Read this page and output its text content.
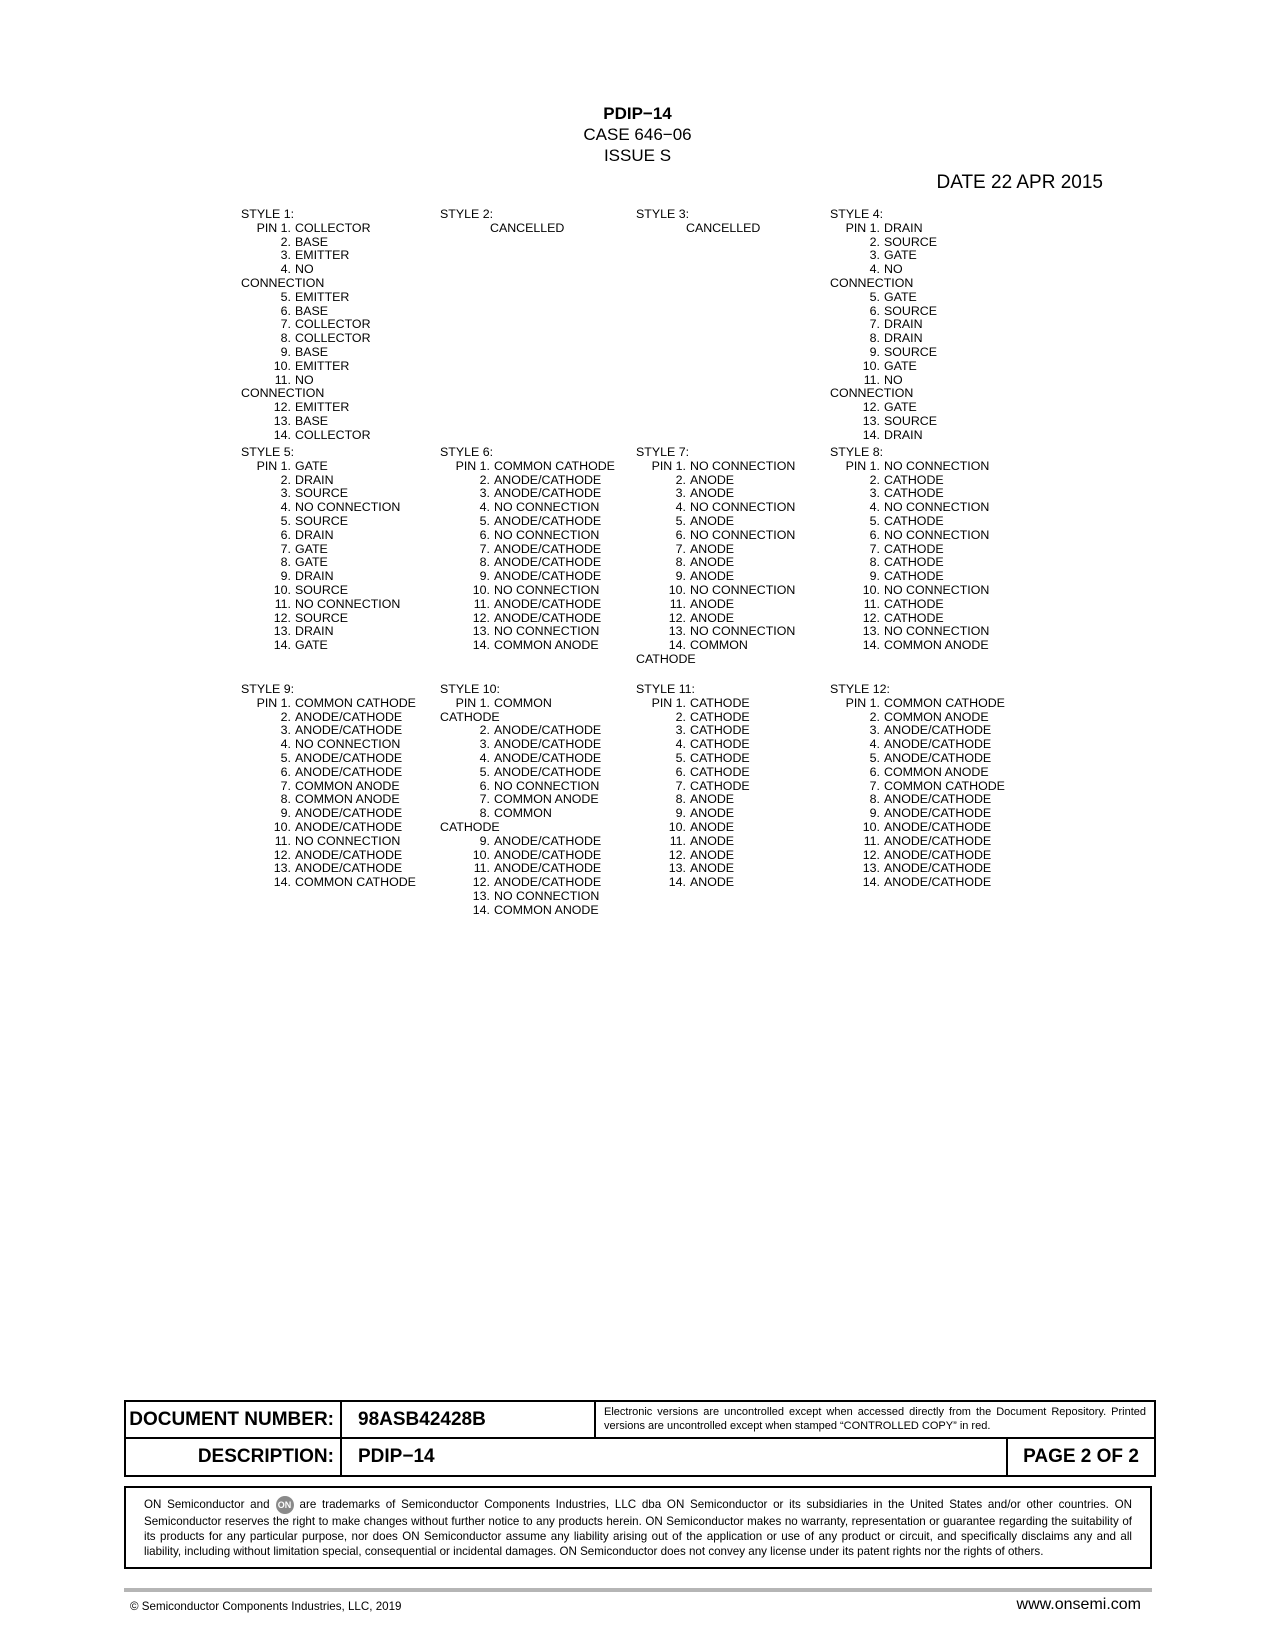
PDIP−14
CASE 646−06
ISSUE S
DATE 22 APR 2015
STYLE 1:
PIN 1. COLLECTOR
2. BASE
3. EMITTER
4. NO
CONNECTION
5. EMITTER
6. BASE
7. COLLECTOR
8. COLLECTOR
9. BASE
10. EMITTER
11. NO
CONNECTION
12. EMITTER
13. BASE
14. COLLECTOR
STYLE 2:
CANCELLED
STYLE 3:
CANCELLED
STYLE 4:
PIN 1. DRAIN
2. SOURCE
3. GATE
4. NO
CONNECTION
5. GATE
6. SOURCE
7. DRAIN
8. DRAIN
9. SOURCE
10. GATE
11. NO
CONNECTION
12. GATE
13. SOURCE
14. DRAIN
STYLE 5:
PIN 1. GATE
2. DRAIN
3. SOURCE
4. NO CONNECTION
5. SOURCE
6. DRAIN
7. GATE
8. GATE
9. DRAIN
10. SOURCE
11. NO CONNECTION
12. SOURCE
13. DRAIN
14. GATE
STYLE 6:
PIN 1. COMMON CATHODE
2. ANODE/CATHODE
3. ANODE/CATHODE
4. NO CONNECTION
5. ANODE/CATHODE
6. NO CONNECTION
7. ANODE/CATHODE
8. ANODE/CATHODE
9. ANODE/CATHODE
10. NO CONNECTION
11. ANODE/CATHODE
12. ANODE/CATHODE
13. NO CONNECTION
14. COMMON ANODE
STYLE 7:
PIN 1. NO CONNECTION
2. ANODE
3. ANODE
4. NO CONNECTION
5. ANODE
6. NO CONNECTION
7. ANODE
8. ANODE
9. ANODE
10. NO CONNECTION
11. ANODE
12. ANODE
13. NO CONNECTION
14. COMMON
CATHODE
STYLE 8:
PIN 1. NO CONNECTION
2. CATHODE
3. CATHODE
4. NO CONNECTION
5. CATHODE
6. NO CONNECTION
7. CATHODE
8. CATHODE
9. CATHODE
10. NO CONNECTION
11. CATHODE
12. CATHODE
13. NO CONNECTION
14. COMMON ANODE
STYLE 9:
PIN 1. COMMON CATHODE
2. ANODE/CATHODE
3. ANODE/CATHODE
4. NO CONNECTION
5. ANODE/CATHODE
6. ANODE/CATHODE
7. COMMON ANODE
8. COMMON ANODE
9. ANODE/CATHODE
10. ANODE/CATHODE
11. NO CONNECTION
12. ANODE/CATHODE
13. ANODE/CATHODE
14. COMMON CATHODE
STYLE 10:
PIN 1. COMMON
CATHODE
2. ANODE/CATHODE
3. ANODE/CATHODE
4. ANODE/CATHODE
5. ANODE/CATHODE
6. NO CONNECTION
7. COMMON ANODE
8. COMMON
CATHODE
9. ANODE/CATHODE
10. ANODE/CATHODE
11. ANODE/CATHODE
12. ANODE/CATHODE
13. NO CONNECTION
14. COMMON ANODE
STYLE 11:
PIN 1. CATHODE
2. CATHODE
3. CATHODE
4. CATHODE
5. CATHODE
6. CATHODE
7. CATHODE
8. ANODE
9. ANODE
10. ANODE
11. ANODE
12. ANODE
13. ANODE
14. ANODE
STYLE 12:
PIN 1. COMMON CATHODE
2. COMMON ANODE
3. ANODE/CATHODE
4. ANODE/CATHODE
5. ANODE/CATHODE
6. COMMON ANODE
7. COMMON CATHODE
8. ANODE/CATHODE
9. ANODE/CATHODE
10. ANODE/CATHODE
11. ANODE/CATHODE
12. ANODE/CATHODE
13. ANODE/CATHODE
14. ANODE/CATHODE
DOCUMENT NUMBER:	98ASB42428B	Electronic versions are uncontrolled except when accessed directly from the Document Repository. Printed versions are uncontrolled except when stamped “CONTROLLED COPY” in red.
DESCRIPTION:	PDIP−14	PAGE 2 OF 2
ON Semiconductor and ON are trademarks of Semiconductor Components Industries, LLC dba ON Semiconductor or its subsidiaries in the United States and/or other countries. ON Semiconductor reserves the right to make changes without further notice to any products herein. ON Semiconductor makes no warranty, representation or guarantee regarding the suitability of its products for any particular purpose, nor does ON Semiconductor assume any liability arising out of the application or use of any product or circuit, and specifically disclaims any and all liability, including without limitation special, consequential or incidental damages. ON Semiconductor does not convey any license under its patent rights nor the rights of others.
© Semiconductor Components Industries, LLC, 2019	www.onsemi.com
